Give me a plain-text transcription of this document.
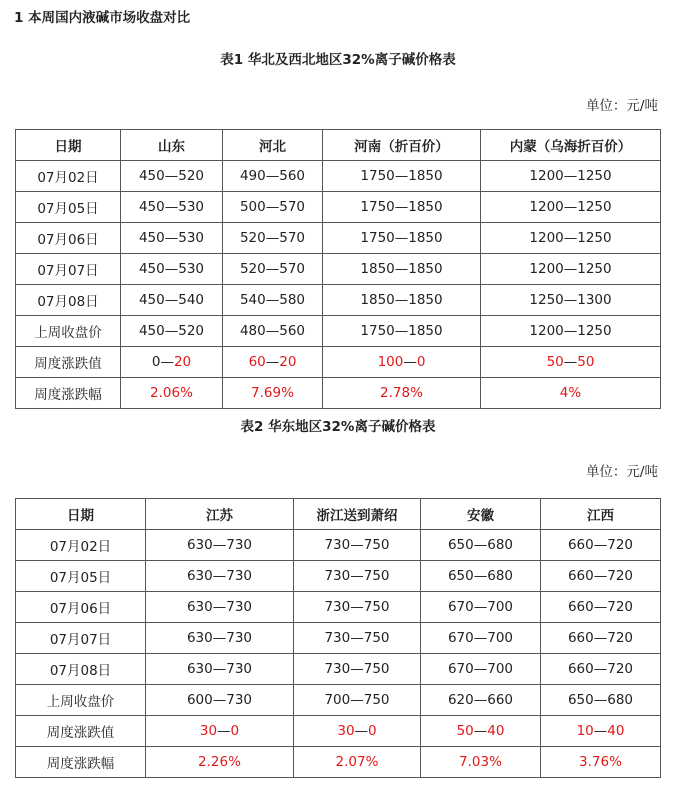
1 本周国内液碱市场收盘对比
表1 华北及西北地区32%离子碱价格表
单位：元/吨
日期	山东	河北	河南（折百价）	内蒙（乌海折百价）
07月02日	450—520	490—560	1750—1850	1200—1250
07月05日	450—530	500—570	1750—1850	1200—1250
07月06日	450—530	520—570	1750—1850	1200—1250
07月07日	450—530	520—570	1850—1850	1200—1250
07月08日	450—540	540—580	1850—1850	1250—1300
上周收盘价	450—520	480—560	1750—1850	1200—1250
周度涨跌值	0—20	60—20	100—0	50—50
周度涨跌幅	2.06%	7.69%	2.78%	4%
表2 华东地区32%离子碱价格表
单位：元/吨
日期	江苏	浙江送到萧绍	安徽	江西
07月02日	630—730	730—750	650—680	660—720
07月05日	630—730	730—750	650—680	660—720
07月06日	630—730	730—750	670—700	660—720
07月07日	630—730	730—750	670—700	660—720
07月08日	630—730	730—750	670—700	660—720
上周收盘价	600—730	700—750	620—660	650—680
周度涨跌值	30—0	30—0	50—40	10—40
周度涨跌幅	2.26%	2.07%	7.03%	3.76%
